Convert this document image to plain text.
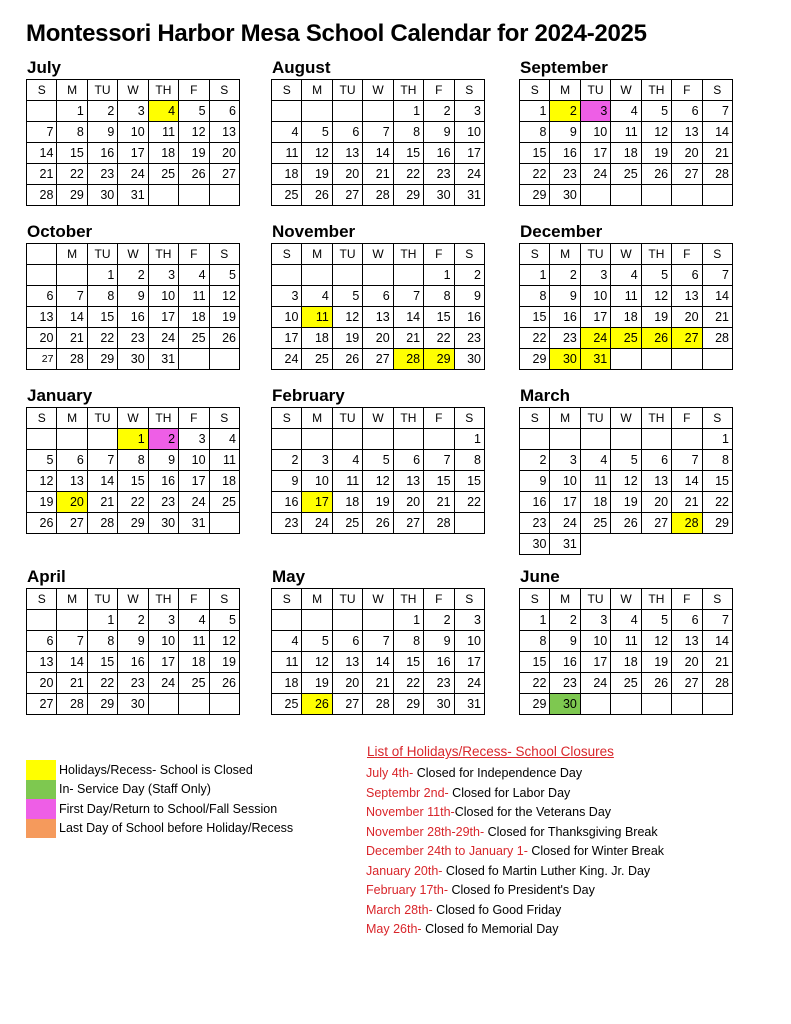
Montessori Harbor Mesa School Calendar for 2024-2025
July
S	M	TU	W	TH	F	S
	1	2	3	4	5	6
7	8	9	10	11	12	13
14	15	16	17	18	19	20
21	22	23	24	25	26	27
28	29	30	31			
August
S	M	TU	W	TH	F	S
				1	2	3
4	5	6	7	8	9	10
11	12	13	14	15	16	17
18	19	20	21	22	23	24
25	26	27	28	29	30	31
September
S	M	TU	W	TH	F	S
1	2	3	4	5	6	7
8	9	10	11	12	13	14
15	16	17	18	19	20	21
22	23	24	25	26	27	28
29	30					
October
	M	TU	W	TH	F	S
		1	2	3	4	5
6	7	8	9	10	11	12
13	14	15	16	17	18	19
20	21	22	23	24	25	26
27	28	29	30	31		
November
S	M	TU	W	TH	F	S
					1	2
3	4	5	6	7	8	9
10	11	12	13	14	15	16
17	18	19	20	21	22	23
24	25	26	27	28	29	30
December
S	M	TU	W	TH	F	S
1	2	3	4	5	6	7
8	9	10	11	12	13	14
15	16	17	18	19	20	21
22	23	24	25	26	27	28
29	30	31				
January
S	M	TU	W	TH	F	S
			1	2	3	4
5	6	7	8	9	10	11
12	13	14	15	16	17	18
19	20	21	22	23	24	25
26	27	28	29	30	31	
February
S	M	TU	W	TH	F	S
						1
2	3	4	5	6	7	8
9	10	11	12	13	15	15
16	17	18	19	20	21	22
23	24	25	26	27	28	
March
S	M	TU	W	TH	F	S
						1
2	3	4	5	6	7	8
9	10	11	12	13	14	15
16	17	18	19	20	21	22
23	24	25	26	27	28	29
30	31					
April
S	M	TU	W	TH	F	S
		1	2	3	4	5
6	7	8	9	10	11	12
13	14	15	16	17	18	19
20	21	22	23	24	25	26
27	28	29	30			
May
S	M	TU	W	TH	F	S
				1	2	3
4	5	6	7	8	9	10
11	12	13	14	15	16	17
18	19	20	21	22	23	24
25	26	27	28	29	30	31
June
S	M	TU	W	TH	F	S
1	2	3	4	5	6	7
8	9	10	11	12	13	14
15	16	17	18	19	20	21
22	23	24	25	26	27	28
29	30					
Holidays/Recess- School is Closed
In- Service Day (Staff Only)
First Day/Return to School/Fall Session
Last Day of School before Holiday/Recess
List of Holidays/Recess- School Closures
July 4th- Closed for Independence Day
Septembr 2nd- Closed for Labor Day
November 11th-Closed for the Veterans Day
November 28th-29th- Closed for Thanksgiving Break
December 24th to January 1- Closed for Winter Break
January 20th- Closed fo Martin Luther King. Jr. Day
February 17th- Closed fo President's Day
March 28th- Closed fo Good Friday
May 26th- Closed fo Memorial Day
